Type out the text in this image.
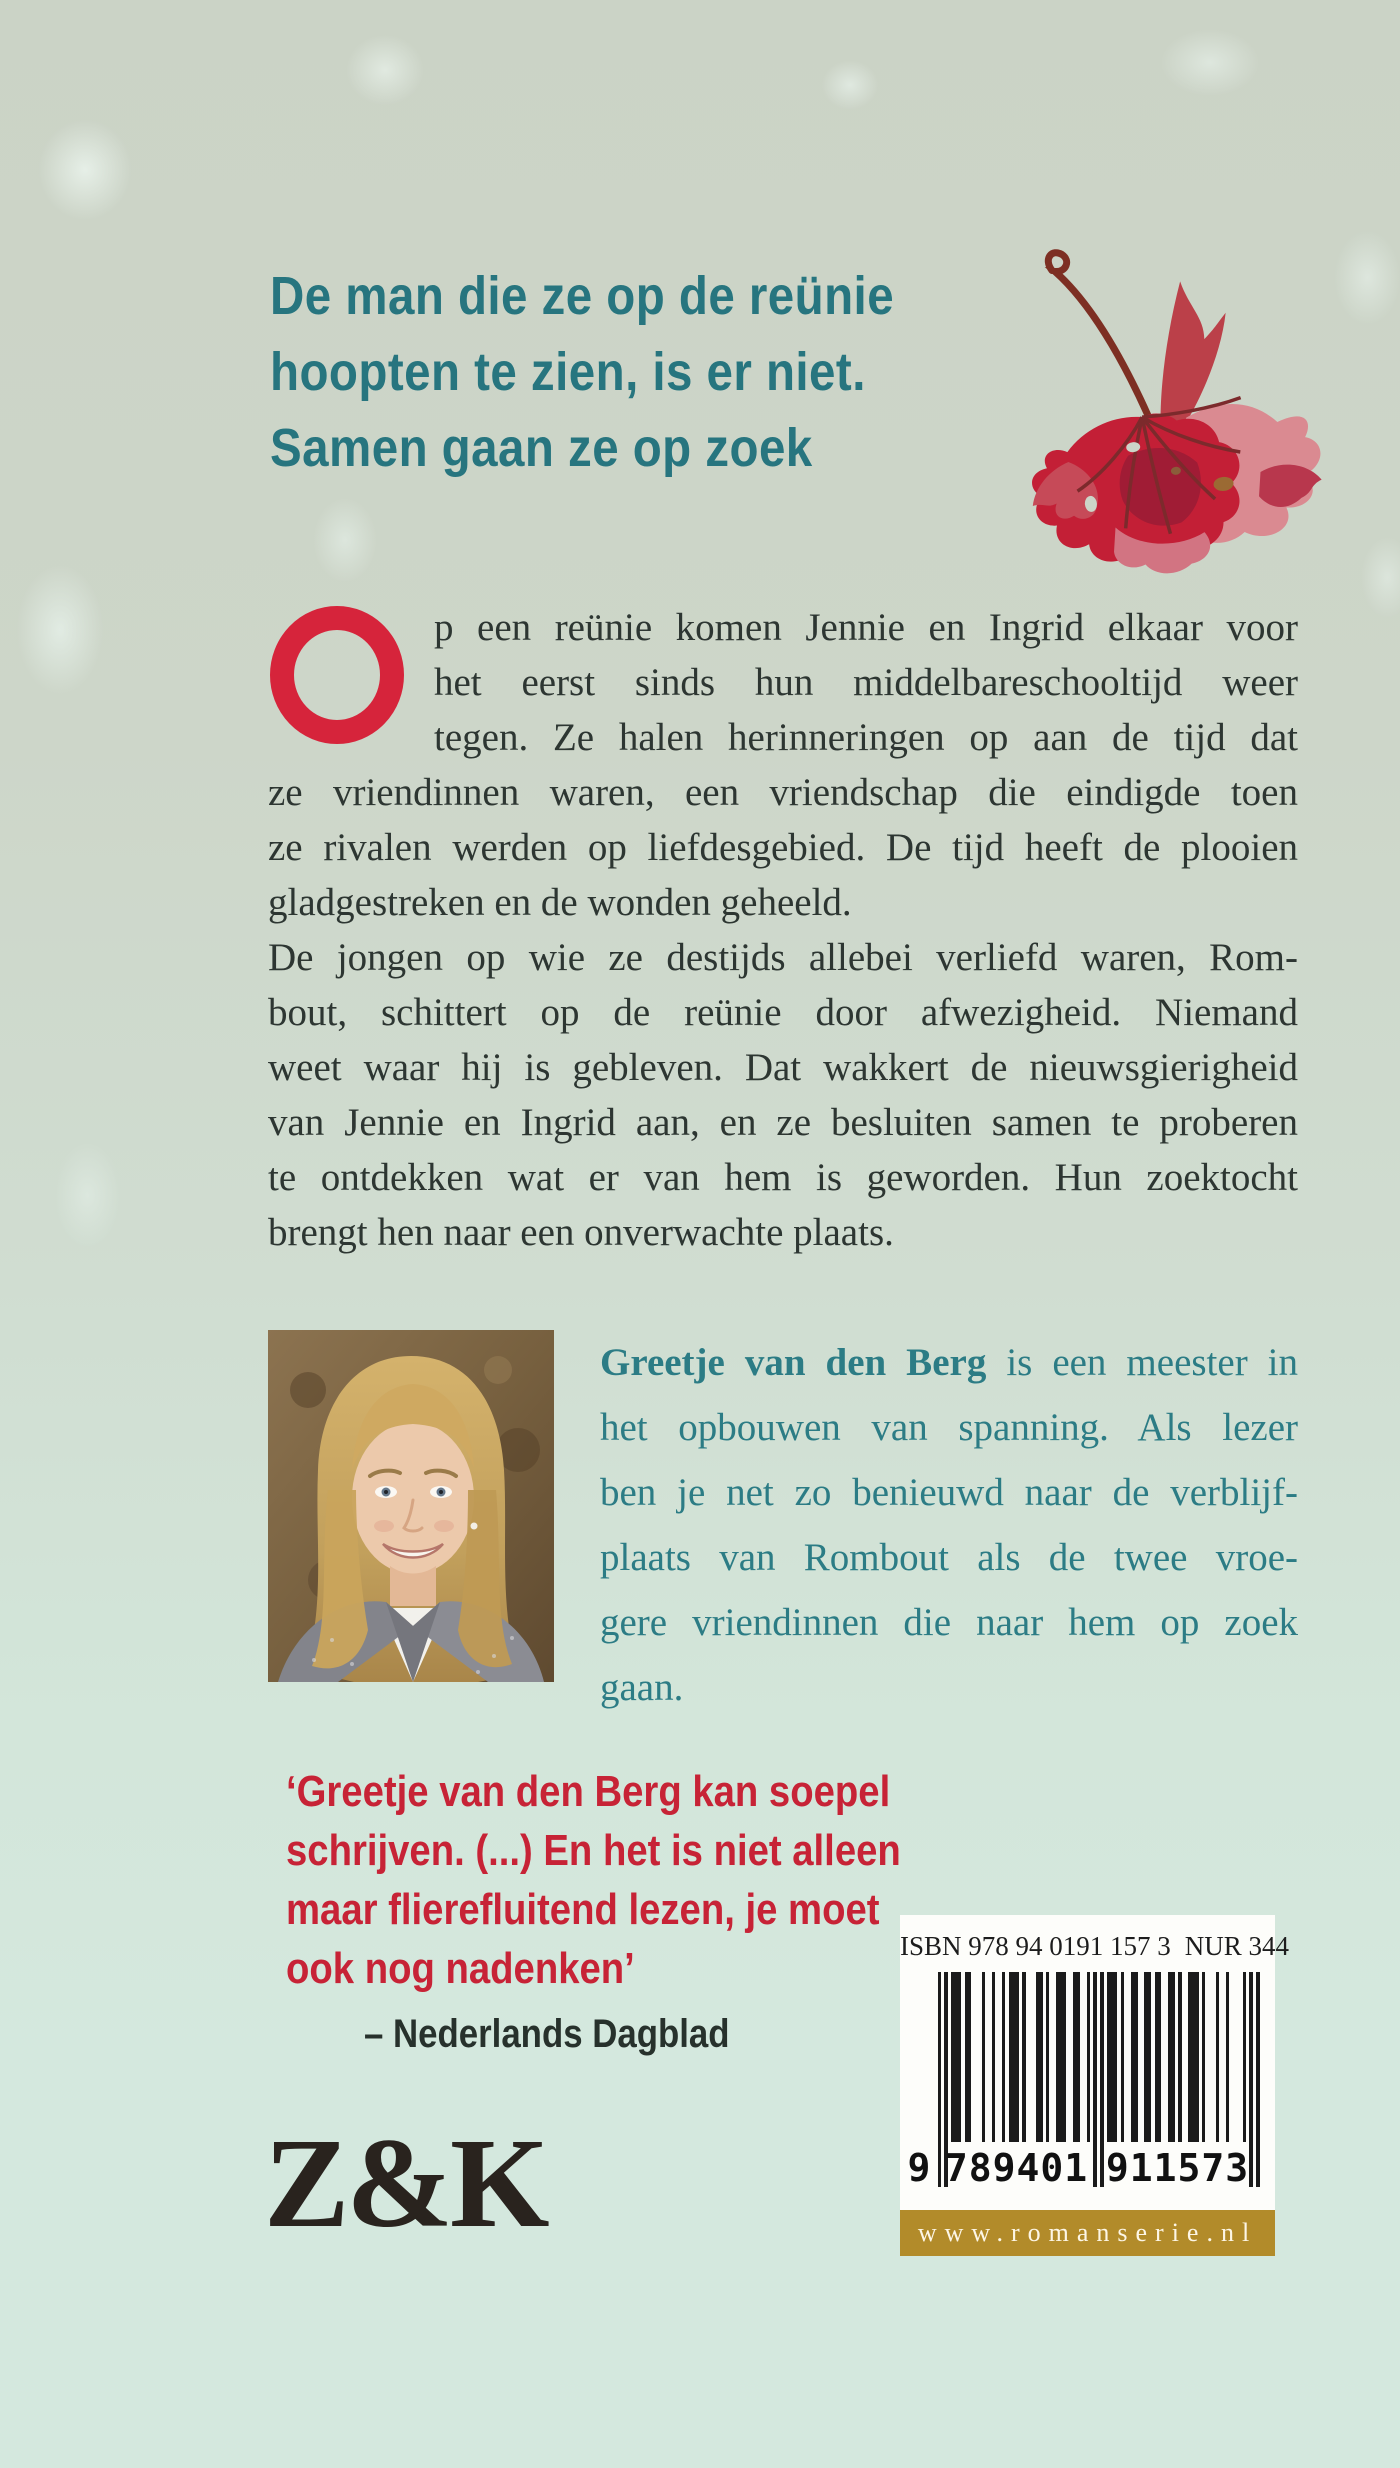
De man die ze op de reünie
hoopten te zien, is er niet.
Samen gaan ze op zoek
p een reünie komen Jennie en Ingrid elkaar voor
het eerst sinds hun middelbareschooltijd weer
tegen. Ze halen herinneringen op aan de tijd dat
ze vriendinnen waren, een vriendschap die eindigde toen
ze rivalen werden op liefdesgebied. De tijd heeft de plooien
gladgestreken en de wonden geheeld.
De jongen op wie ze destijds allebei verliefd waren, Rom-
bout, schittert op de reünie door afwezigheid. Niemand
weet waar hij is gebleven. Dat wakkert de nieuwsgierigheid
van Jennie en Ingrid aan, en ze besluiten samen te proberen
te ontdekken wat er van hem is geworden. Hun zoektocht
brengt hen naar een onverwachte plaats.
Greetje van den Berg is een meester in
het opbouwen van spanning. Als lezer
ben je net zo benieuwd naar de verblijf-
plaats van Rombout als de twee vroe-
gere vriendinnen die naar hem op zoek
gaan.
‘Greetje van den Berg kan soepel
schrijven. (...) En het is niet alleen
maar flierefluitend lezen, je moet
ook nog nadenken’
– Nederlands Dagblad
Z&K
ISBN 978 94 0191 157 3 NUR 344
9 789401 911573
www.romanserie.nl
